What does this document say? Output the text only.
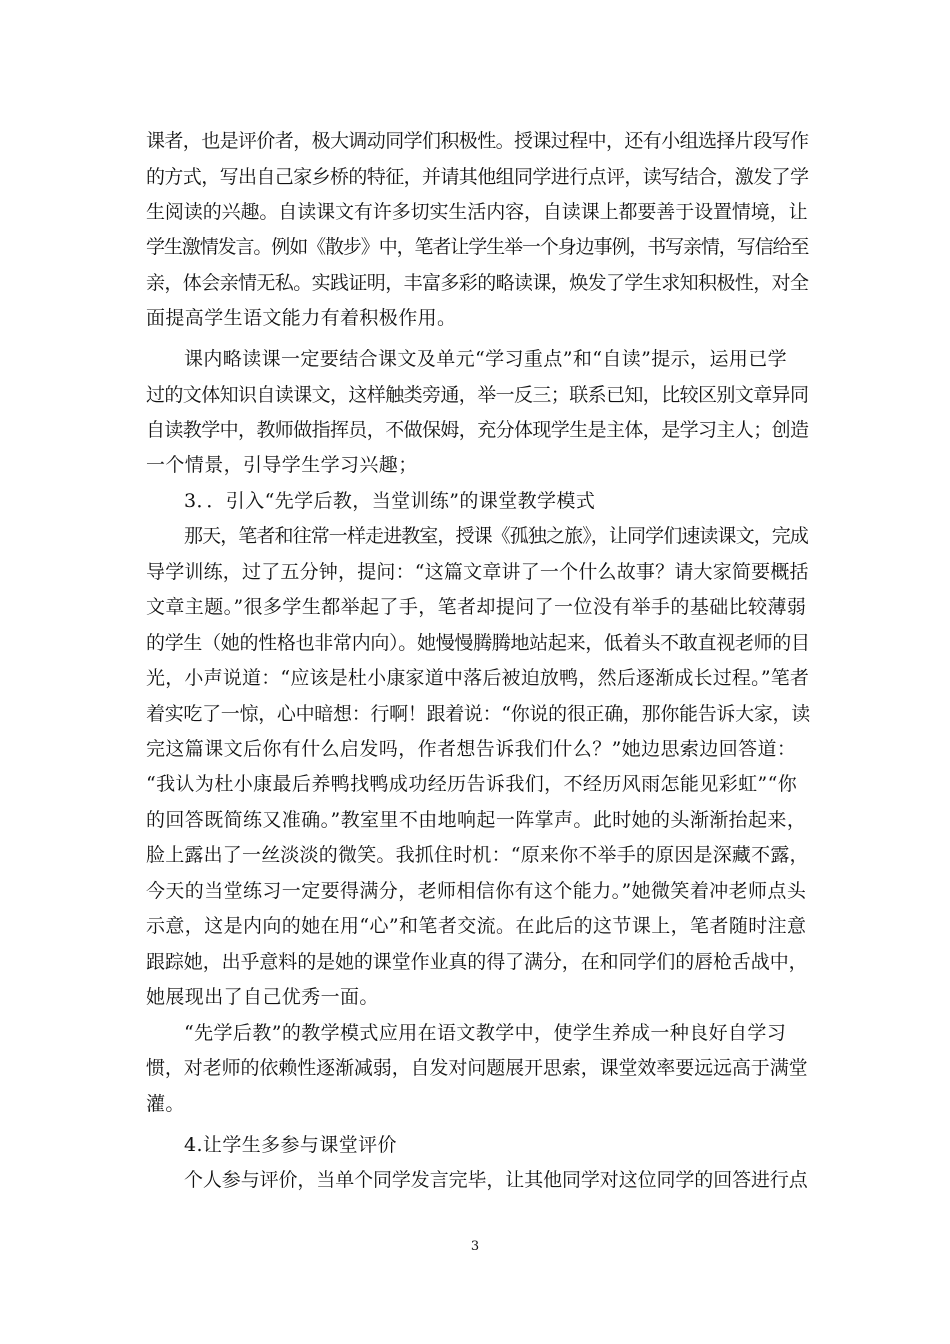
课者，也是评价者，极大调动同学们积极性。授课过程中，还有小组选择片段写作
的方式，写出自己家乡桥的特征，并请其他组同学进行点评，读写结合，激发了学
生阅读的兴趣。自读课文有许多切实生活内容，自读课上都要善于设置情境，让
学生激情发言。例如《散步》中，笔者让学生举一个身边事例，书写亲情，写信给至
亲，体会亲情无私。实践证明，丰富多彩的略读课，焕发了学生求知积极性，对全
面提高学生语文能力有着积极作用。
课内略读课一定要结合课文及单元“学习重点”和“自读”提示，运用已学
过的文体知识自读课文，这样触类旁通，举一反三；联系已知，比较区别文章异同
自读教学中，教师做指挥员，不做保姆，充分体现学生是主体，是学习主人；创造
一个情景，引导学生学习兴趣；
3．．引入“先学后教，当堂训练”的课堂教学模式
那天，笔者和往常一样走进教室，授课《孤独之旅》，让同学们速读课文，完成
导学训练，过了五分钟，提问：“这篇文章讲了一个什么故事？请大家简要概括
文章主题。”很多学生都举起了手，笔者却提问了一位没有举手的基础比较薄弱
的学生（她的性格也非常内向）。她慢慢腾腾地站起来，低着头不敢直视老师的目
光，小声说道：“应该是杜小康家道中落后被迫放鸭，然后逐渐成长过程。”笔者
着实吃了一惊，心中暗想：行啊！跟着说：“你说的很正确，那你能告诉大家，读
完这篇课文后你有什么启发吗，作者想告诉我们什么？”她边思索边回答道：
“我认为杜小康最后养鸭找鸭成功经历告诉我们，不经历风雨怎能见彩虹”“你
的回答既简练又准确。”教室里不由地响起一阵掌声。此时她的头渐渐抬起来，
脸上露出了一丝淡淡的微笑。我抓住时机：“原来你不举手的原因是深藏不露，
今天的当堂练习一定要得满分，老师相信你有这个能力。”她微笑着冲老师点头
示意，这是内向的她在用“心”和笔者交流。在此后的这节课上，笔者随时注意
跟踪她，出乎意料的是她的课堂作业真的得了满分，在和同学们的唇枪舌战中，
她展现出了自己优秀一面。
“先学后教”的教学模式应用在语文教学中，使学生养成一种良好自学习
惯，对老师的依赖性逐渐减弱，自发对问题展开思索，课堂效率要远远高于满堂
灌。
4.让学生多参与课堂评价
个人参与评价，当单个同学发言完毕，让其他同学对这位同学的回答进行点
3
